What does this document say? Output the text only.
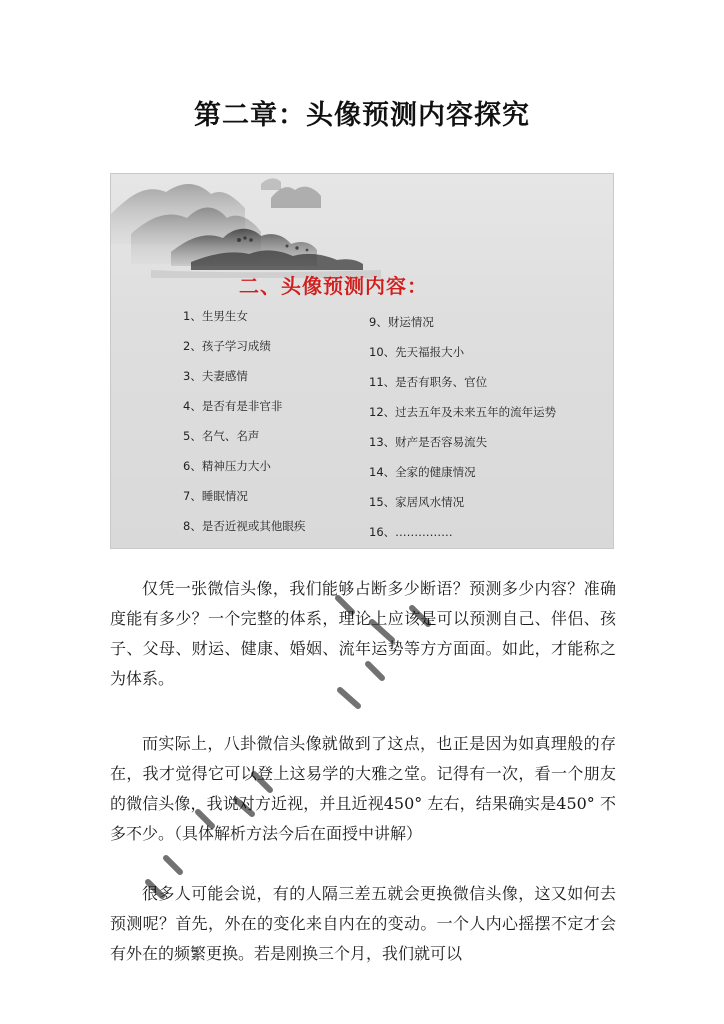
第二章：头像预测内容探究
二、头像预测内容：
1、生男生女
2、孩子学习成绩
3、夫妻感情
4、是否有是非官非
5、名气、名声
6、精神压力大小
7、睡眠情况
8、是否近视或其他眼疾
9、财运情况
10、先天福报大小
11、是否有职务、官位
12、过去五年及未来五年的流年运势
13、财产是否容易流失
14、全家的健康情况
15、家居风水情况
16、……………

仅凭一张微信头像，我们能够占断多少断语？预测多少内容？准确度能有多少？一个完整的体系，理论上应该是可以预测自己、伴侣、孩子、父母、财运、健康、婚姻、流年运势等方方面面。如此，才能称之为体系。

而实际上，八卦微信头像就做到了这点，也正是因为如真理般的存在，我才觉得它可以登上这易学的大雅之堂。记得有一次，看一个朋友的微信头像，我说对方近视，并且近视450° 左右，结果确实是450° 不多不少。（具体解析方法今后在面授中讲解）

很多人可能会说，有的人隔三差五就会更换微信头像，这又如何去预测呢？首先，外在的变化来自内在的变动。一个人内心摇摆不定才会有外在的频繁更换。若是刚换三个月，我们就可以
